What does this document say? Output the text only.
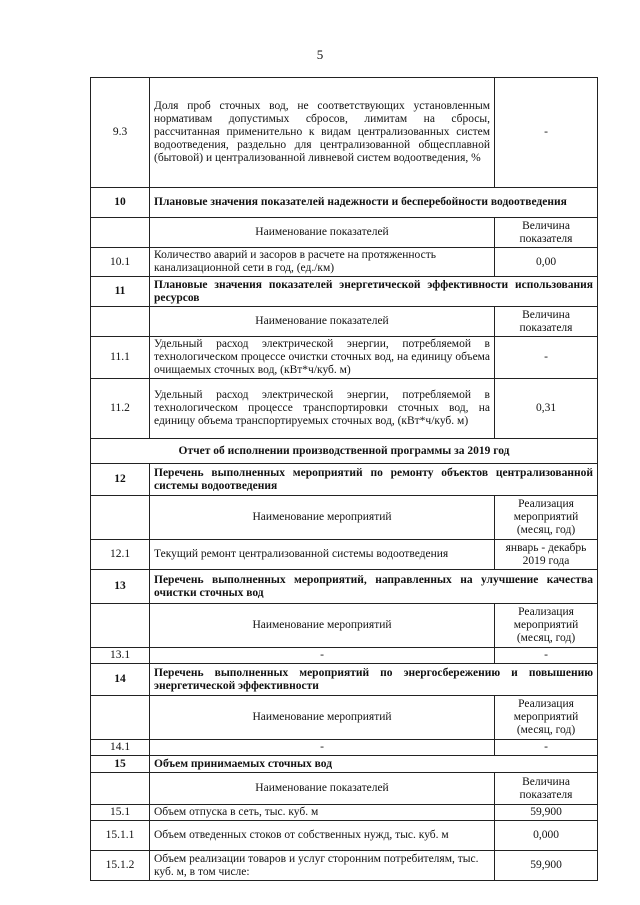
5
9.3	Доля проб сточных вод, не соответствующих установленным нормативам допустимых сбросов, лимитам на сбросы, рассчитанная применительно к видам централизованных систем водоотведения, раздельно для централизованной общесплавной (бытовой) и централизованной ливневой систем водоотведения, %	-
10	Плановые значения показателей надежности и бесперебойности водоотведения	
	Наименование показателей	Величина показателя
10.1	Количество аварий и засоров в расчете на протяженность канализационной сети в год, (ед./км)	0,00
11	Плановые значения показателей энергетической эффективности использования ресурсов	
	Наименование показателей	Величина показателя
11.1	Удельный расход электрической энергии, потребляемой в технологическом процессе очистки сточных вод, на единицу объема очищаемых сточных вод, (кВт*ч/куб. м)	-
11.2	Удельный расход электрической энергии, потребляемой в технологическом процессе транспортировки сточных вод, на единицу объема транспортируемых сточных вод, (кВт*ч/куб. м)	0,31
Отчет об исполнении производственной программы за 2019 год		
12	Перечень выполненных мероприятий по ремонту объектов централизованной системы водоотведения	
	Наименование мероприятий	Реализация мероприятий (месяц, год)
12.1	Текущий ремонт централизованной системы водоотведения	январь - декабрь 2019 года
13	Перечень выполненных мероприятий, направленных на улучшение качества очистки сточных вод	
	Наименование мероприятий	Реализация мероприятий (месяц, год)
13.1	-	-
14	Перечень выполненных мероприятий по энергосбережению и повышению энергетической эффективности	
	Наименование мероприятий	Реализация мероприятий (месяц, год)
14.1	-	-
15	Объем принимаемых сточных вод	
	Наименование показателей	Величина показателя
15.1	Объем отпуска в сеть, тыс. куб. м	59,900
15.1.1	Объем отведенных стоков от собственных нужд, тыс. куб. м	0,000
15.1.2	Объем реализации товаров и услуг сторонним потребителям, тыс. куб. м, в том числе:	59,900
